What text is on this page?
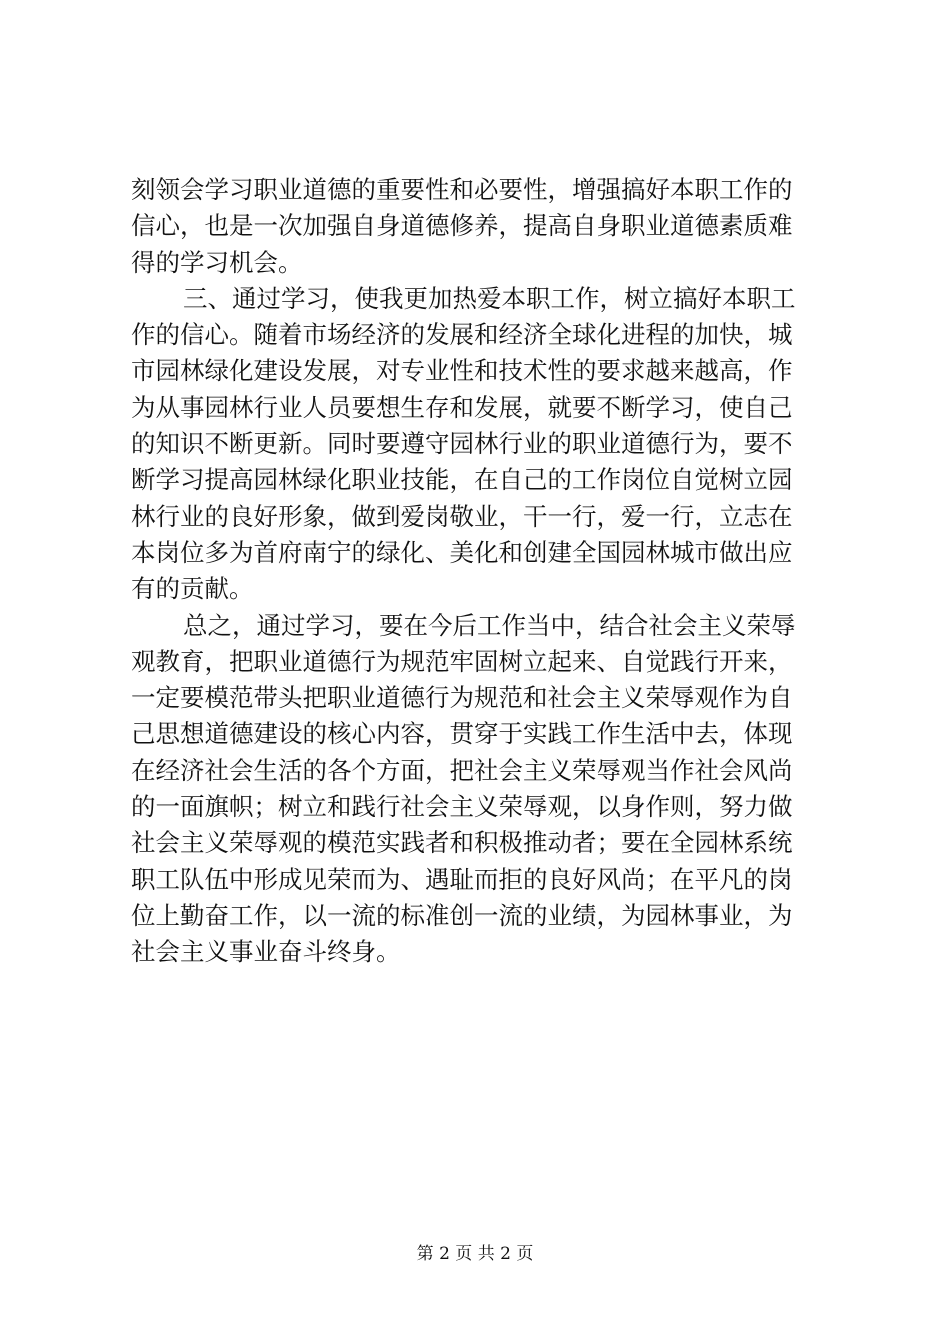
刻领会学习职业道德的重要性和必要性，增强搞好本职工作的
信心，也是一次加强自身道德修养，提高自身职业道德素质难
得的学习机会。
三、通过学习，使我更加热爱本职工作，树立搞好本职工
作的信心。随着市场经济的发展和经济全球化进程的加快，城
市园林绿化建设发展，对专业性和技术性的要求越来越高，作
为从事园林行业人员要想生存和发展，就要不断学习，使自己
的知识不断更新。同时要遵守园林行业的职业道德行为，要不
断学习提高园林绿化职业技能，在自己的工作岗位自觉树立园
林行业的良好形象，做到爱岗敬业，干一行，爱一行，立志在
本岗位多为首府南宁的绿化、美化和创建全国园林城市做出应
有的贡献。
总之，通过学习，要在今后工作当中，结合社会主义荣辱
观教育，把职业道德行为规范牢固树立起来、自觉践行开来，
一定要模范带头把职业道德行为规范和社会主义荣辱观作为自
己思想道德建设的核心内容，贯穿于实践工作生活中去，体现
在经济社会生活的各个方面，把社会主义荣辱观当作社会风尚
的一面旗帜；树立和践行社会主义荣辱观，以身作则，努力做
社会主义荣辱观的模范实践者和积极推动者；要在全园林系统
职工队伍中形成见荣而为、遇耻而拒的良好风尚；在平凡的岗
位上勤奋工作，以一流的标准创一流的业绩，为园林事业，为
社会主义事业奋斗终身。
第 2 页 共 2 页
